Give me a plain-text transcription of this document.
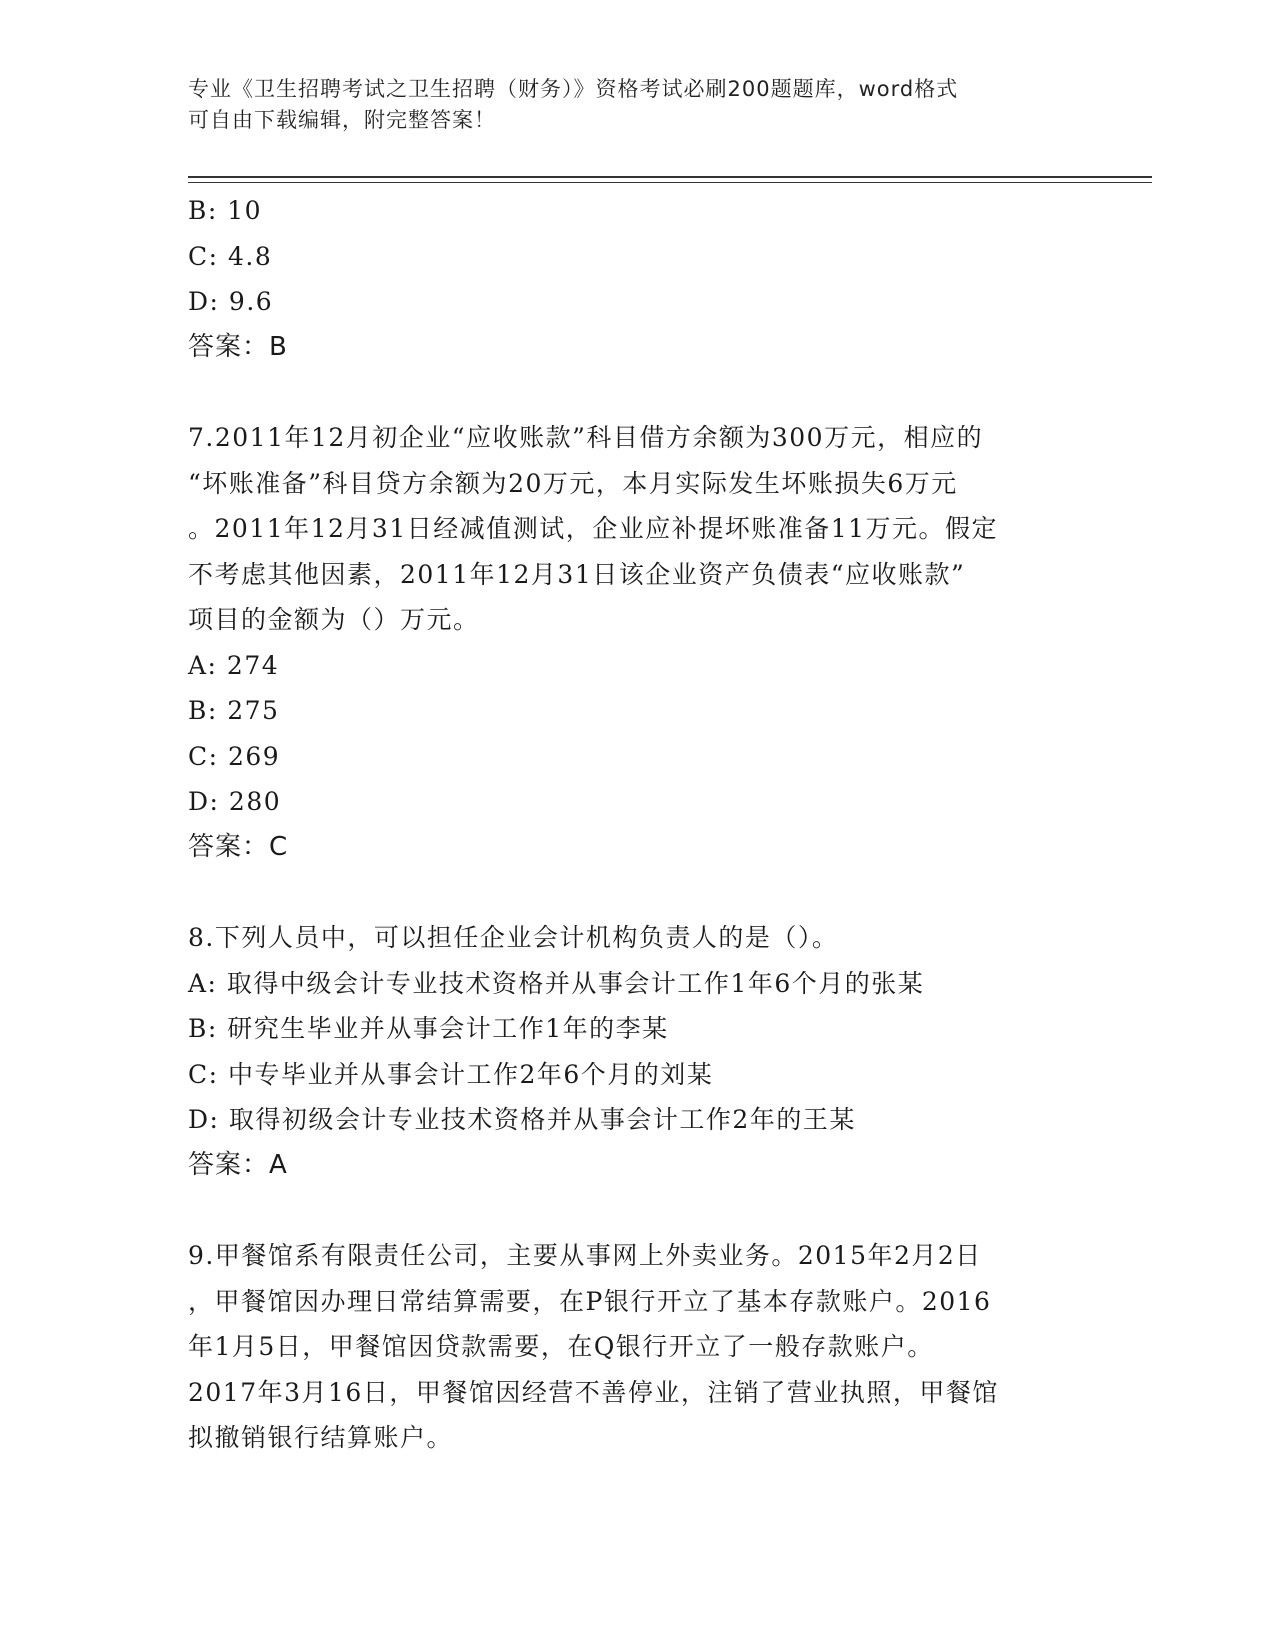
专业《卫生招聘考试之卫生招聘（财务）》资格考试必刷200题题库，word格式
可自由下载编辑，附完整答案！
B: 10
C: 4.8
D: 9.6
答案：B
7.2011年12月初企业“应收账款”科目借方余额为300万元，相应的
“坏账准备”科目贷方余额为20万元，本月实际发生坏账损失6万元
。2011年12月31日经减值测试，企业应补提坏账准备11万元。假定
不考虑其他因素，2011年12月31日该企业资产负债表“应收账款”
项目的金额为（）万元。
A: 274
B: 275
C: 269
D: 280
答案：C
8.下列人员中，可以担任企业会计机构负责人的是（）。
A: 取得中级会计专业技术资格并从事会计工作1年6个月的张某
B: 研究生毕业并从事会计工作1年的李某
C: 中专毕业并从事会计工作2年6个月的刘某
D: 取得初级会计专业技术资格并从事会计工作2年的王某
答案：A
9.甲餐馆系有限责任公司，主要从事网上外卖业务。2015年2月2日
，甲餐馆因办理日常结算需要，在P银行开立了基本存款账户。2016
年1月5日，甲餐馆因贷款需要，在Q银行开立了一般存款账户。
2017年3月16日，甲餐馆因经营不善停业，注销了营业执照，甲餐馆
拟撤销银行结算账户。
